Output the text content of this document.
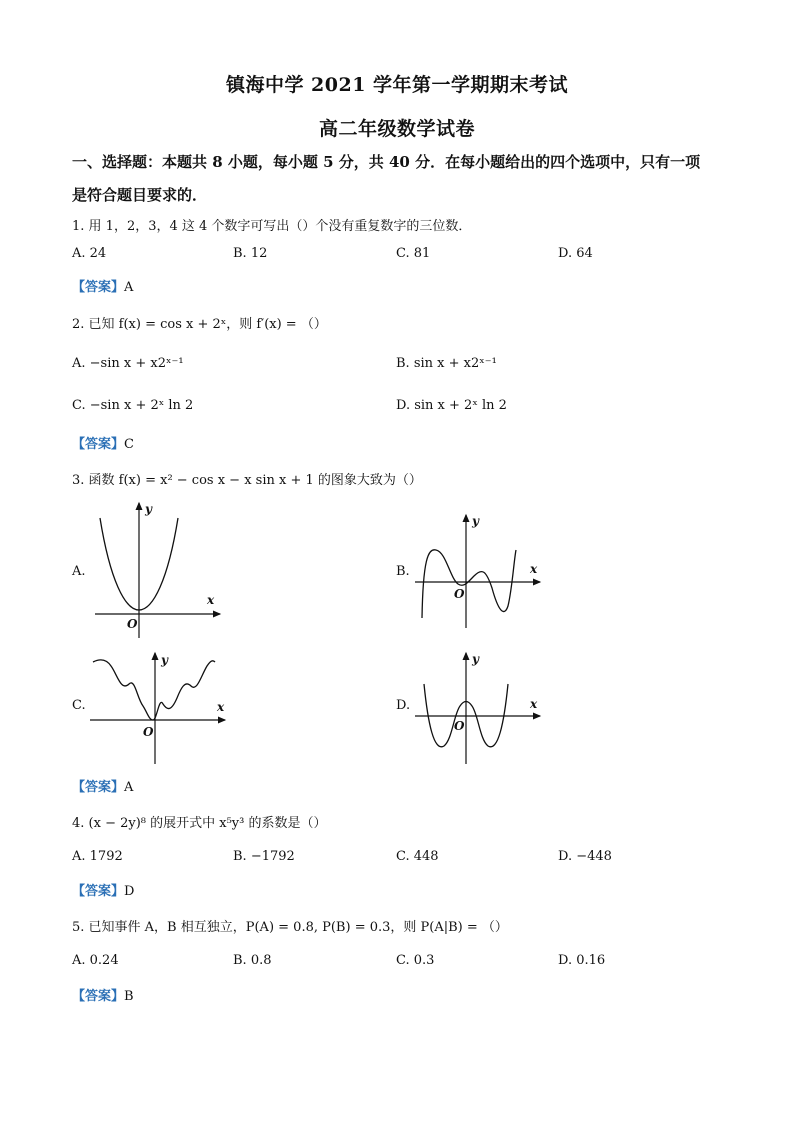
镇海中学 2021 学年第一学期期末考试
高二年级数学试卷
一、选择题：本题共 8 小题，每小题 5 分，共 40 分．在每小题给出的四个选项中，只有一项
是符合题目要求的．
1. 用 1，2，3，4 这 4 个数字可写出（）个没有重复数字的三位数．
A. 24	B. 12	C. 81	D. 64
【答案】A
2. 已知 f(x) = cos x + 2ˣ，则 f′(x) = （）
A. −sin x + x2ˣ⁻¹	B. sin x + x2ˣ⁻¹
C. −sin x + 2ˣ ln 2	D. sin x + 2ˣ ln 2
【答案】C
3. 函数 f(x) = x² − cos x − x sin x + 1 的图象大致为（）
A.	B.
C.	D.
y
x
O
y
x
O
y
x
O
y
x
O
【答案】A
4. (x − 2y)⁸ 的展开式中 x⁵y³ 的系数是（）
A. 1792	B. −1792	C. 448	D. −448
【答案】D
5. 已知事件 A，B 相互独立，P(A) = 0.8, P(B) = 0.3，则 P(A|B) = （）
A. 0.24	B. 0.8	C. 0.3	D. 0.16
【答案】B
